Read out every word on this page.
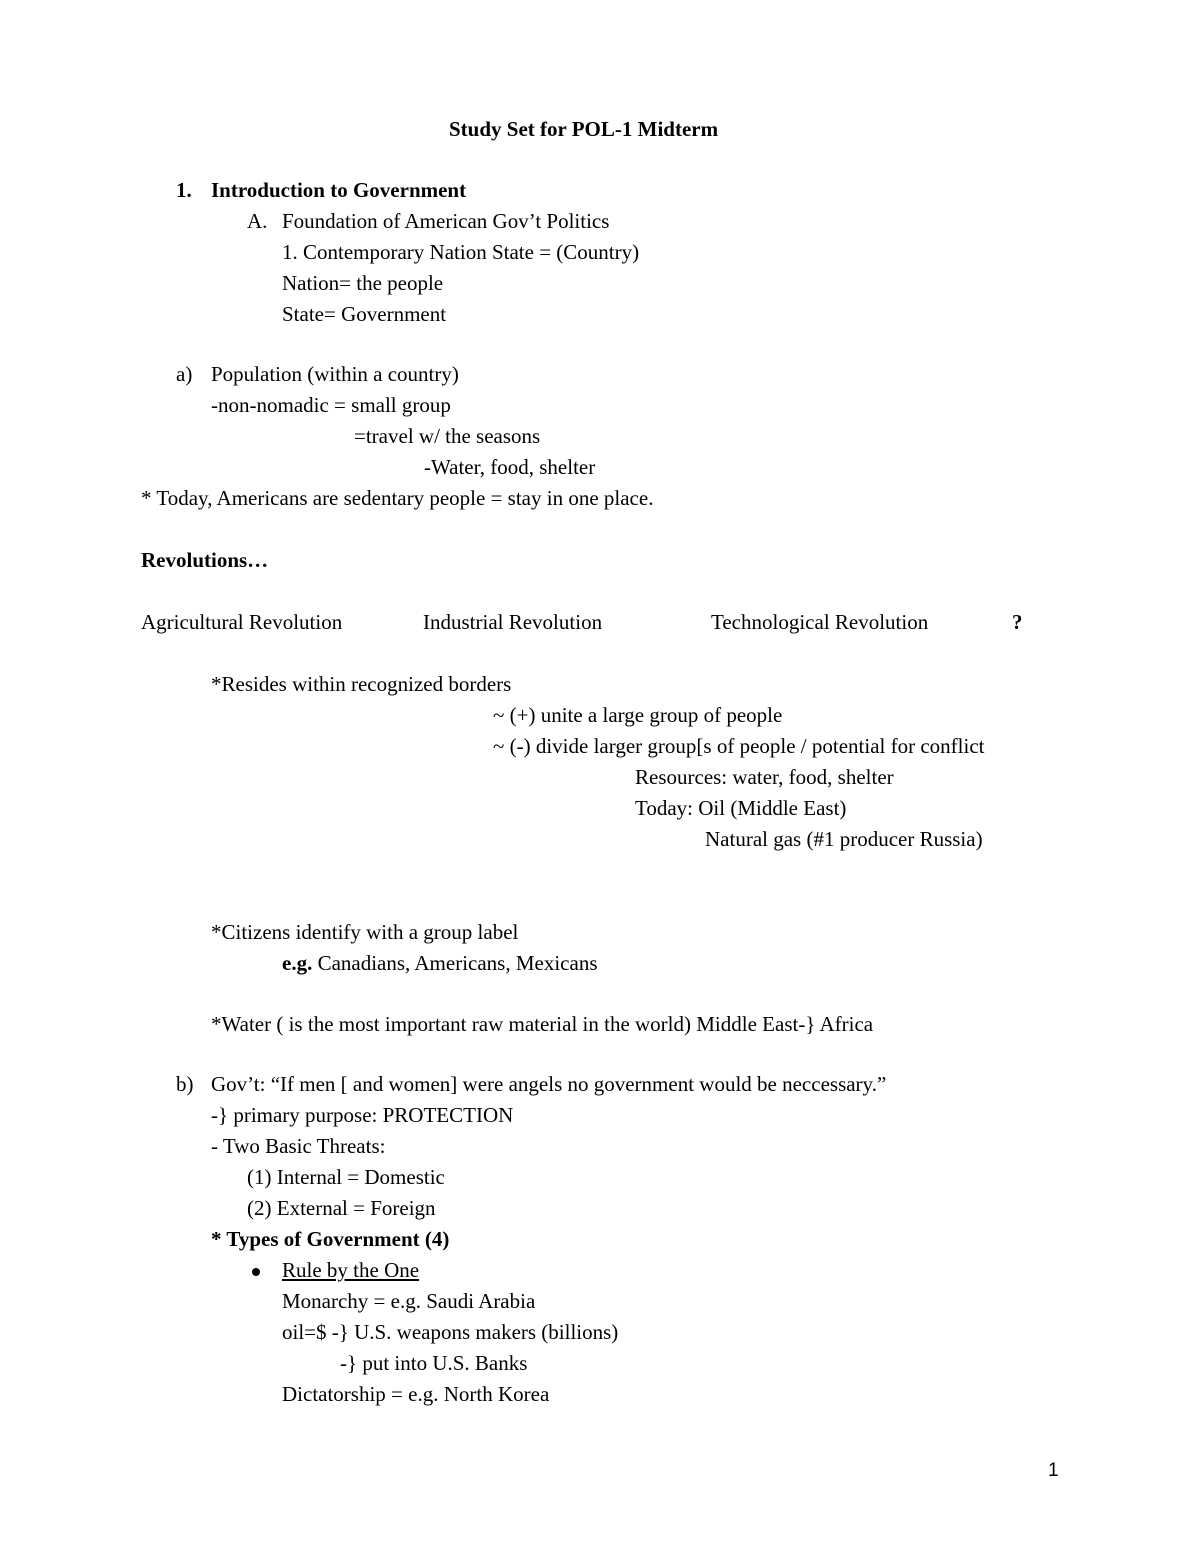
Study Set for POL-1 Midterm
1. Introduction to Government
A. Foundation of American Gov’t Politics
1. Contemporary Nation State = (Country)
Nation= the people
State= Government
a) Population (within a country)
-non-nomadic = small group
=travel w/ the seasons
-Water, food, shelter
* Today, Americans are sedentary people = stay in one place.
Revolutions…
Agricultural Revolution	Industrial Revolution	Technological Revolution	?
*Resides within recognized borders
~ (+) unite a large group of people
~ (-) divide larger group[s of people / potential for conflict
Resources: water, food, shelter
Today: Oil (Middle East)
Natural gas (#1 producer Russia)
*Citizens identify with a group label
e.g. Canadians, Americans, Mexicans
*Water ( is the most important raw material in the world) Middle East-} Africa
b) Gov’t: “If men [ and women] were angels no government would be neccessary.”
-} primary purpose: PROTECTION
- Two Basic Threats:
(1) Internal = Domestic
(2) External = Foreign
* Types of Government (4)
Rule by the One
Monarchy = e.g. Saudi Arabia
oil=$ -} U.S. weapons makers (billions)
-} put into U.S. Banks
Dictatorship = e.g. North Korea
1
